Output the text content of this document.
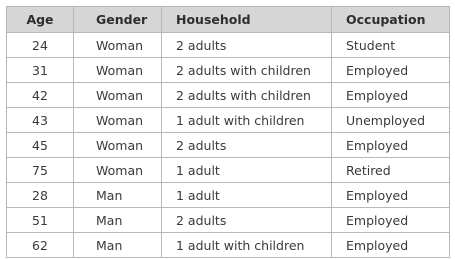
Age	Gender	Household	Occupation
24	Woman	2 adults	Student
31	Woman	2 adults with children	Employed
42	Woman	2 adults with children	Employed
43	Woman	1 adult with children	Unemployed
45	Woman	2 adults	Employed
75	Woman	1 adult	Retired
28	Man	1 adult	Employed
51	Man	2 adults	Employed
62	Man	1 adult with children	Employed
